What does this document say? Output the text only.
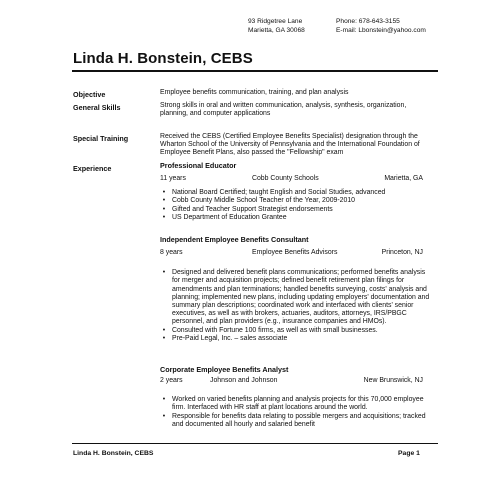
93 Ridgetree Lane
Marietta, GA 30068
Phone: 678-643-3155
E-mail: Lbonstein@yahoo.com
Linda H. Bonstein, CEBS
Objective	Employee benefits communication, training, and plan analysis

General Skills	Strong skills in oral and written communication, analysis, synthesis, organization, planning, and computer applications

Special Training	Received the CEBS (Certified Employee Benefits Specialist) designation through the Wharton School of the University of Pennsylvania and the International Foundation of Employee Benefit Plans, also passed the "Fellowship" exam

Experience	Professional Educator
11 years	Cobb County Schools	Marietta, GA
• National Board Certified; taught English and Social Studies, advanced
• Cobb County Middle School Teacher of the Year, 2009-2010
• Gifted and Teacher Support Strategist endorsements
• US Department of Education Grantee
Independent Employee Benefits Consultant
8 years	Employee Benefits Advisors	Princeton, NJ
• Designed and delivered benefit plans communications; performed benefits analysis for merger and acquisition projects; defined benefit retirement plan filings for amendments and plan terminations; handled benefits surveying, costs' analysis and planning; implemented new plans, including updating employers' documentation and summary plan descriptions; coordinated work and interfaced with clients' senior executives, as well as with brokers, actuaries, auditors, attorneys, IRS/PBGC personnel, and plan providers (e.g., insurance companies and HMOs).
• Consulted with Fortune 100 firms, as well as with small businesses.
• Pre-Paid Legal, Inc. – sales associate
Corporate Employee Benefits Analyst
2 years	Johnson and Johnson	New Brunswick, NJ
• Worked on varied benefits planning and analysis projects for this 70,000 employee firm. Interfaced with HR staff at plant locations around the world.
• Responsible for benefits data relating to possible mergers and acquisitions; tracked and documented all hourly and salaried benefit
Linda H. Bonstein, CEBS	Page 1
